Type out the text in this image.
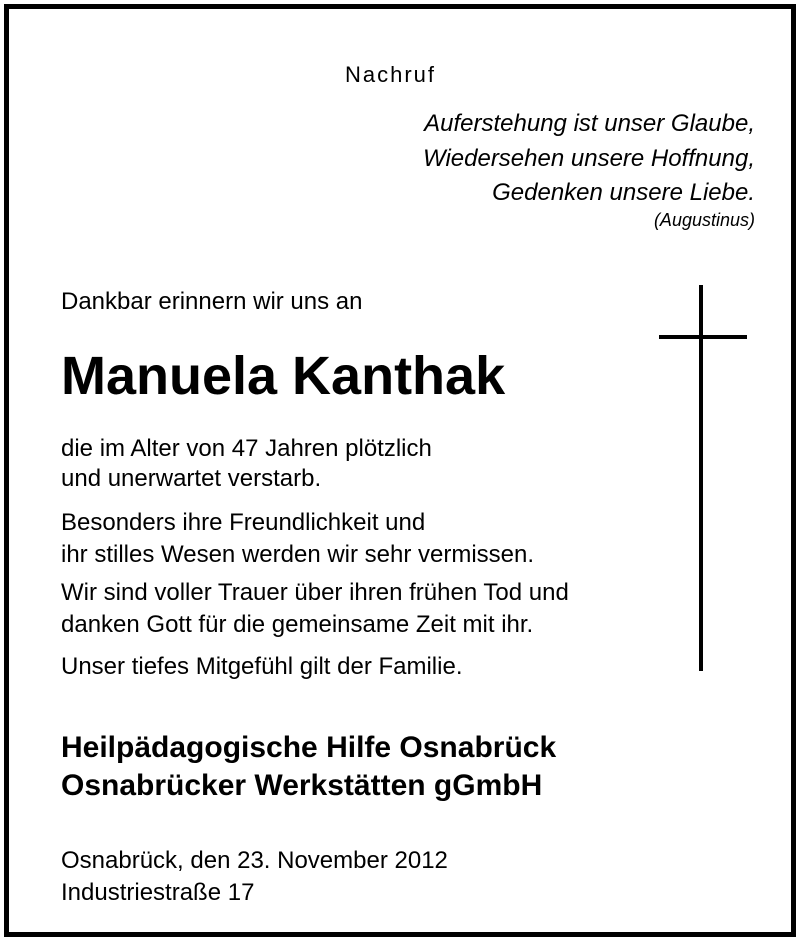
Nachruf
Auferstehung ist unser Glaube,
Wiedersehen unsere Hoffnung,
Gedenken unsere Liebe.
(Augustinus)
Dankbar erinnern wir uns an
Manuela Kanthak
die im Alter von 47 Jahren plötzlich
und unerwartet verstarb.
Besonders ihre Freundlichkeit und
ihr stilles Wesen werden wir sehr vermissen.
Wir sind voller Trauer über ihren frühen Tod und
danken Gott für die gemeinsame Zeit mit ihr.
Unser tiefes Mitgefühl gilt der Familie.
Heilpädagogische Hilfe Osnabrück
Osnabrücker Werkstätten gGmbH
Osnabrück, den 23. November 2012
Industriestraße 17
